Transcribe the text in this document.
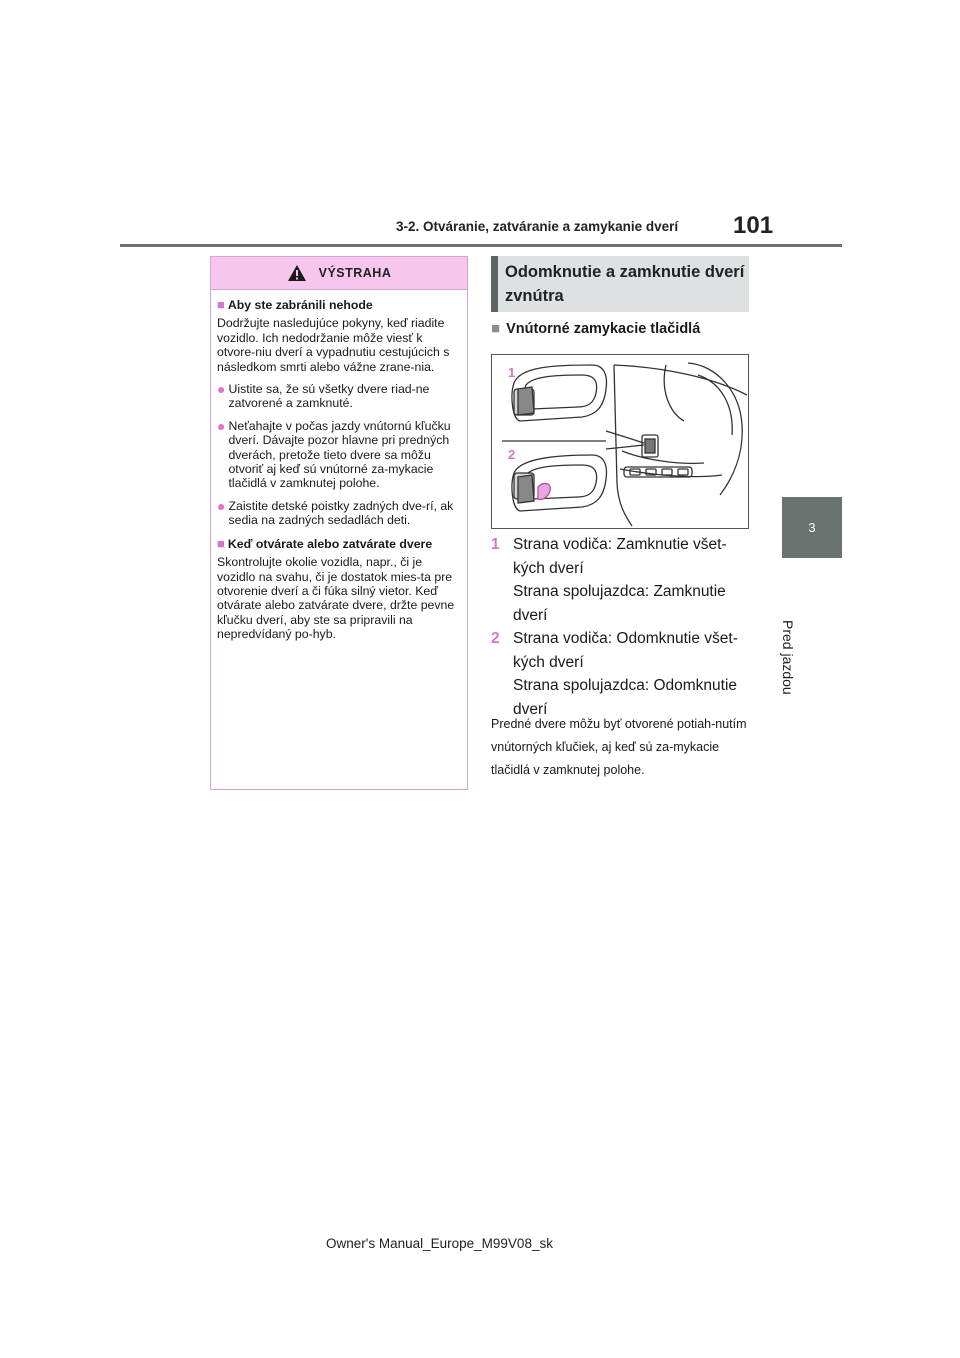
3-2. Otváranie, zatváranie a zamykanie dverí 101
3
Pred jazdou
VÝSTRAHA
■ Aby ste zabránili nehode
Dodržujte nasledujúce pokyny, keď riadite vozidlo. Ich nedodržanie môže viesť k otvore-niu dverí a vypadnutiu cestujúcich s následkom smrti alebo vážne zrane-nia.
● Uistite sa, že sú všetky dvere riad-ne zatvorené a zamknuté.
● Neťahajte v počas jazdy vnútornú kľučku dverí. Dávajte pozor hlavne pri predných dverách, pretože tieto dvere sa môžu otvoriť aj keď sú vnútorné za-mykacie tlačidlá v zamknutej polohe.
● Zaistite detské poistky zadných dve-rí, ak sedia na zadných sedadlách deti.
■ Keď otvárate alebo zatvárate dvere
Skontrolujte okolie vozidla, napr., či je vozidlo na svahu, či je dostatok mies-ta pre otvorenie dverí a či fúka silný vietor. Keď otvárate alebo zatvárate dvere, držte pevne kľučku dverí, aby ste sa pripravili na nepredvídaný po-hyb.
Odomknutie a zamknutie dverí zvnútra
■ Vnútorné zamykacie tlačidlá
1
2
1 Strana vodiča: Zamknutie všet-kých dverí
Strana spolujazdca: Zamknutie dverí
2 Strana vodiča: Odomknutie všet-kých dverí
Strana spolujazdca: Odomknutie dverí
Predné dvere môžu byť otvorené potiah-nutím vnútorných kľučiek, aj keď sú za-mykacie tlačidlá v zamknutej polohe.
Owner's Manual_Europe_M99V08_sk
